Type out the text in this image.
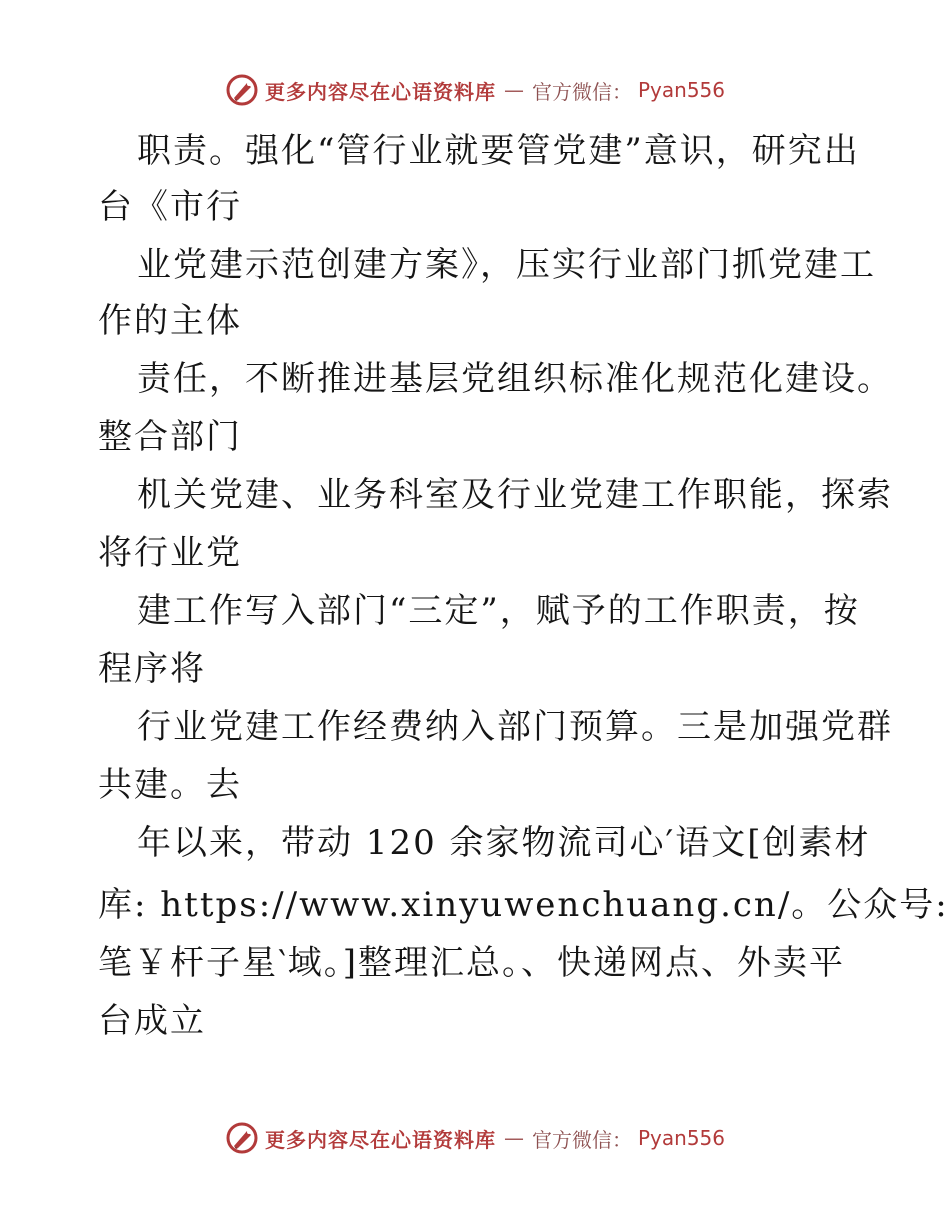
更多内容尽在心语资料库 — 官方微信： Pyan556
职责。强化“管行业就要管党建”意识，研究出
台《市行
业党建示范创建方案》，压实行业部门抓党建工
作的主体
责任，不断推进基层党组织标准化规范化建设。
整合部门
机关党建、业务科室及行业党建工作职能，探索
将行业党
建工作写入部门“三定”，赋予的工作职责，按
程序将
行业党建工作经费纳入部门预算。三是加强党群
共建。去
年以来，带动 120 余家物流司心′语文[创素材
库: https://www.xinyuwenchuang.cn/。公众号:
笔￥杆子星‵域。]整理汇总。、快递网点、外卖平
台成立
更多内容尽在心语资料库 — 官方微信： Pyan556
